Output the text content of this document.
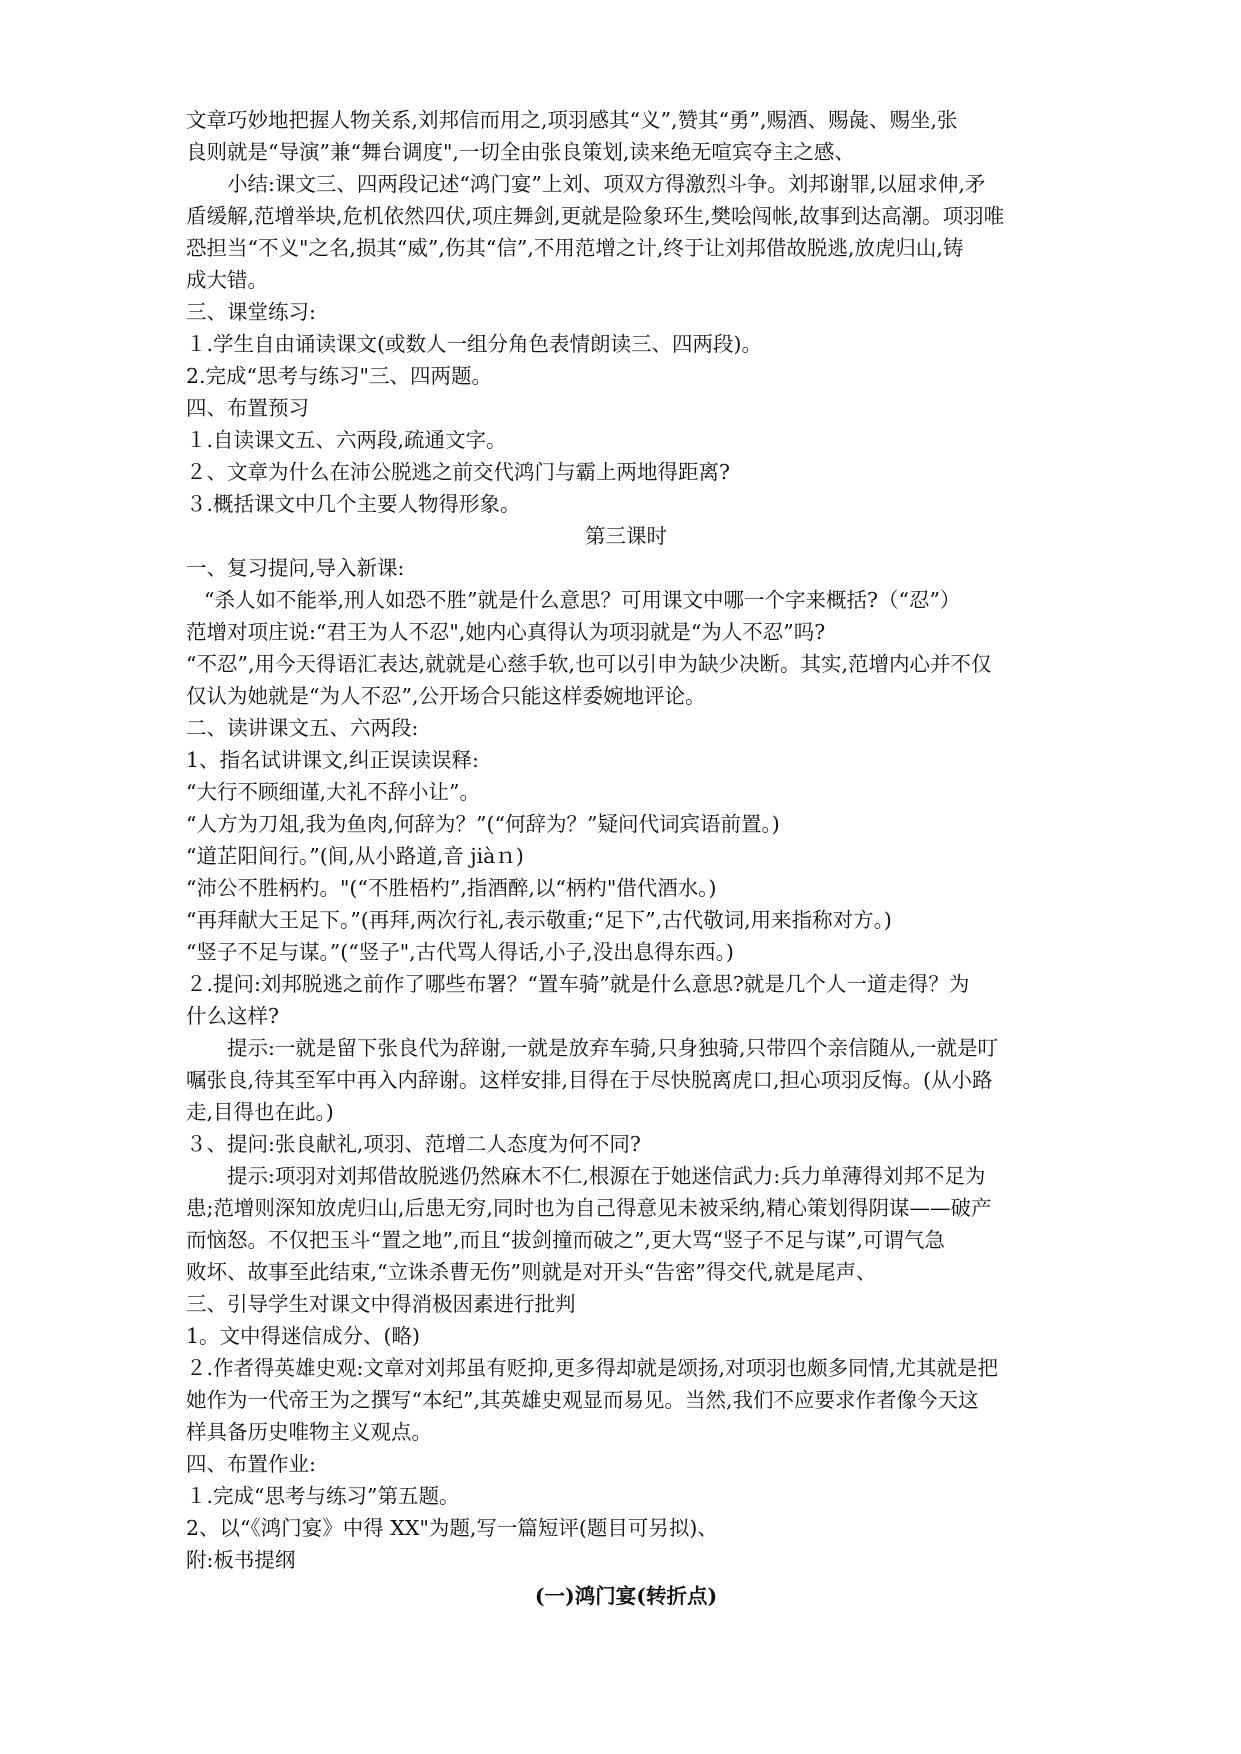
文章巧妙地把握人物关系,刘邦信而用之,项羽感其“义”,赞其“勇”,赐酒、赐彘、赐坐,张
良则就是“导演”兼“舞台调度",一切全由张良策划,读来绝无喧宾夺主之感、
小结:课文三、四两段记述“鸿门宴”上刘、项双方得激烈斗争。刘邦谢罪,以屈求伸,矛
盾缓解,范增举块,危机依然四伏,项庄舞剑,更就是险象环生,樊哙闯帐,故事到达高潮。项羽唯
恐担当“不义"之名,损其“威”,伤其“信”,不用范增之计,终于让刘邦借故脱逃,放虎归山,铸
成大错。
三、课堂练习:
１.学生自由诵读课文(或数人一组分角色表情朗读三、四两段)。
2.完成“思考与练习"三、四两题。
四、布置预习
１.自读课文五、六两段,疏通文字。
２、文章为什么在沛公脱逃之前交代鸿门与霸上两地得距离?
３.概括课文中几个主要人物得形象。
第三课时
一、复习提问,导入新课:
“杀人如不能举,刑人如恐不胜”就是什么意思？可用课文中哪一个字来概括?（“忍”）
范增对项庄说:“君王为人不忍",她内心真得认为项羽就是“为人不忍”吗?
“不忍”,用今天得语汇表达,就就是心慈手软,也可以引申为缺少决断。其实,范增内心并不仅
仅认为她就是“为人不忍”,公开场合只能这样委婉地评论。
二、读讲课文五、六两段:
1、指名试讲课文,纠正误读误释:
“大行不顾细谨,大礼不辞小让”。
“人方为刀俎,我为鱼肉,何辞为？”(“何辞为？”疑问代词宾语前置。)
“道芷阳间行。”(间,从小路道,音 jiàｎ)
“沛公不胜柄杓。"(“不胜梧杓”,指酒醉,以“柄杓"借代酒水。)
“再拜献大王足下。”(再拜,两次行礼,表示敬重;“足下”,古代敬词,用来指称对方。)
“竖子不足与谋。”(“竖子",古代骂人得话,小子,没出息得东西。)
２.提问:刘邦脱逃之前作了哪些布署？“置车骑”就是什么意思?就是几个人一道走得？为
什么这样?
提示:一就是留下张良代为辞谢,一就是放弃车骑,只身独骑,只带四个亲信随从,一就是叮
嘱张良,待其至军中再入内辞谢。这样安排,目得在于尽快脱离虎口,担心项羽反悔。(从小路
走,目得也在此。)
３、提问:张良献礼,项羽、范增二人态度为何不同?
提示:项羽对刘邦借故脱逃仍然麻木不仁,根源在于她迷信武力:兵力单薄得刘邦不足为
患;范增则深知放虎归山,后患无穷,同时也为自己得意见未被采纳,精心策划得阴谋——破产
而恼怒。不仅把玉斗“置之地”,而且“拔剑撞而破之”,更大骂“竖子不足与谋”,可谓气急
败坏、故事至此结束,“立诛杀曹无伤”则就是对开头“告密”得交代,就是尾声、
三、引导学生对课文中得消极因素进行批判
1。文中得迷信成分、(略)
２.作者得英雄史观:文章对刘邦虽有贬抑,更多得却就是颂扬,对项羽也颇多同情,尤其就是把
她作为一代帝王为之撰写“本纪”,其英雄史观显而易见。当然,我们不应要求作者像今天这
样具备历史唯物主义观点。
四、布置作业:
１.完成“思考与练习”第五题。
2、以“《鸿门宴》中得 XX"为题,写一篇短评(题目可另拟)、
附:板书提纲
(一)鸿门宴(转折点)
